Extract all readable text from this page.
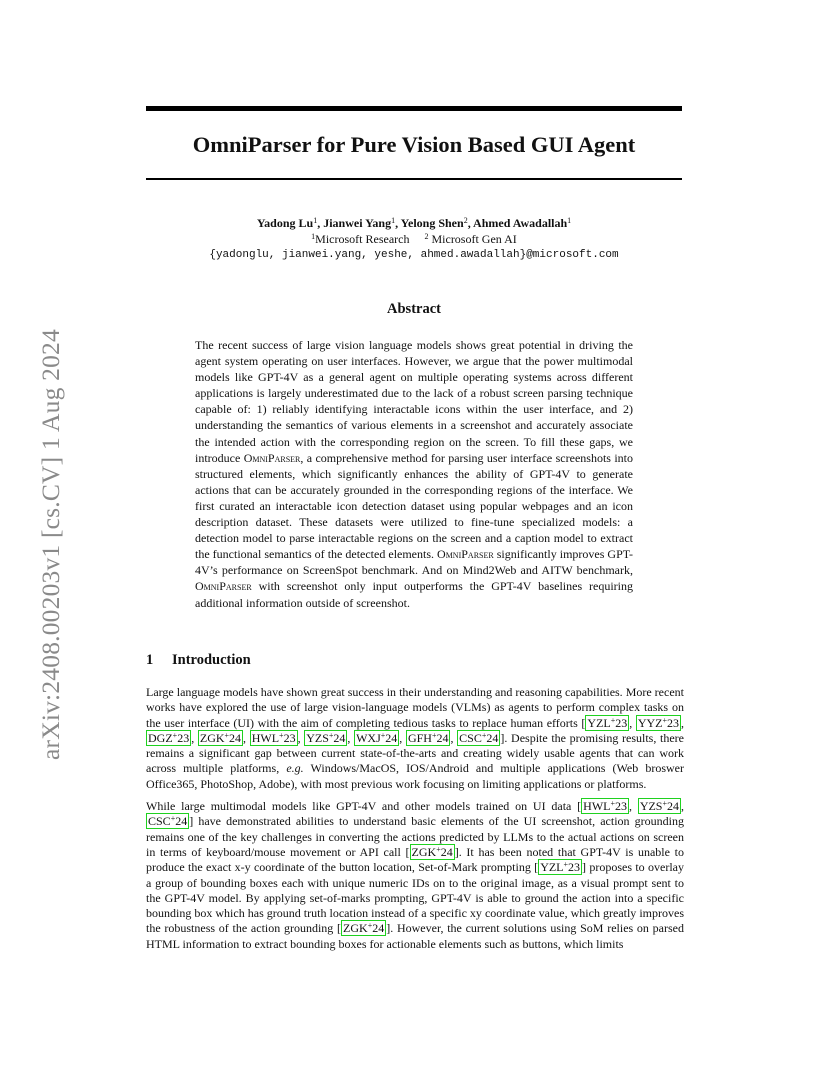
arXiv:2408.00203v1 [cs.CV] 1 Aug 2024
OmniParser for Pure Vision Based GUI Agent
Yadong Lu$^1$, Jianwei Yang$^1$, Yelong Shen$^2$, Ahmed Awadallah$^1$
$^1$Microsoft Research $^2$ Microsoft Gen AI
{yadonglu, jianwei.yang, yeshe, ahmed.awadallah}@microsoft.com
Abstract

The recent success of large vision language models shows great potential in driving the agent system operating on user interfaces. However, we argue that the power multimodal models like GPT-4V as a general agent on multiple operating systems across different applications is largely underestimated due to the lack of a robust screen parsing technique capable of: 1) reliably identifying interactable icons within the user interface, and 2) understanding the semantics of various elements in a screenshot and accurately associate the intended action with the corresponding region on the screen. To fill these gaps, we introduce OmniParser, a comprehensive method for parsing user interface screenshots into structured elements, which significantly enhances the ability of GPT-4V to generate actions that can be accurately grounded in the corresponding regions of the interface. We first curated an interactable icon detection dataset using popular webpages and an icon description dataset. These datasets were utilized to fine-tune specialized models: a detection model to parse interactable regions on the screen and a caption model to extract the functional semantics of the detected elements. OmniParser significantly improves GPT-4V’s performance on ScreenSpot benchmark. And on Mind2Web and AITW benchmark, OmniParser with screenshot only input outperforms the GPT-4V baselines requiring additional information outside of screenshot.

1 Introduction

Large language models have shown great success in their understanding and reasoning capabilities. More recent works have explored the use of large vision-language models (VLMs) as agents to perform complex tasks on the user interface (UI) with the aim of completing tedious tasks to replace human efforts [ YZL+23 , YYZ+23 , DGZ+23 , ZGK+24 , HWL+23 , YZS+24 , WXJ+24 , GFH+24 , CSC+24 ]. Despite the promising results, there remains a significant gap between current state-of-the-arts and creating widely usable agents that can work across multiple platforms, e.g. Windows/MacOS, IOS/Android and multiple applications (Web broswer Office365, PhotoShop, Adobe), with most previous work focusing on limiting applications or platforms.

While large multimodal models like GPT-4V and other models trained on UI data [ HWL+23 , YZS+24 , CSC+24 ] have demonstrated abilities to understand basic elements of the UI screenshot, action grounding remains one of the key challenges in converting the actions predicted by LLMs to the actual actions on screen in terms of keyboard/mouse movement or API call [ ZGK+24 ]. It has been noted that GPT-4V is unable to produce the exact x-y coordinate of the button location, Set-of-Mark prompting [ YZL+23 ] proposes to overlay a group of bounding boxes each with unique numeric IDs on to the original image, as a visual prompt sent to the GPT-4V model. By applying set-of-marks prompting, GPT-4V is able to ground the action into a specific bounding box which has ground truth location instead of a specific xy coordinate value, which greatly improves the robustness of the action grounding [ ZGK+24 ]. However, the current solutions using SoM relies on parsed HTML information to extract bounding boxes for actionable elements such as buttons, which limits
